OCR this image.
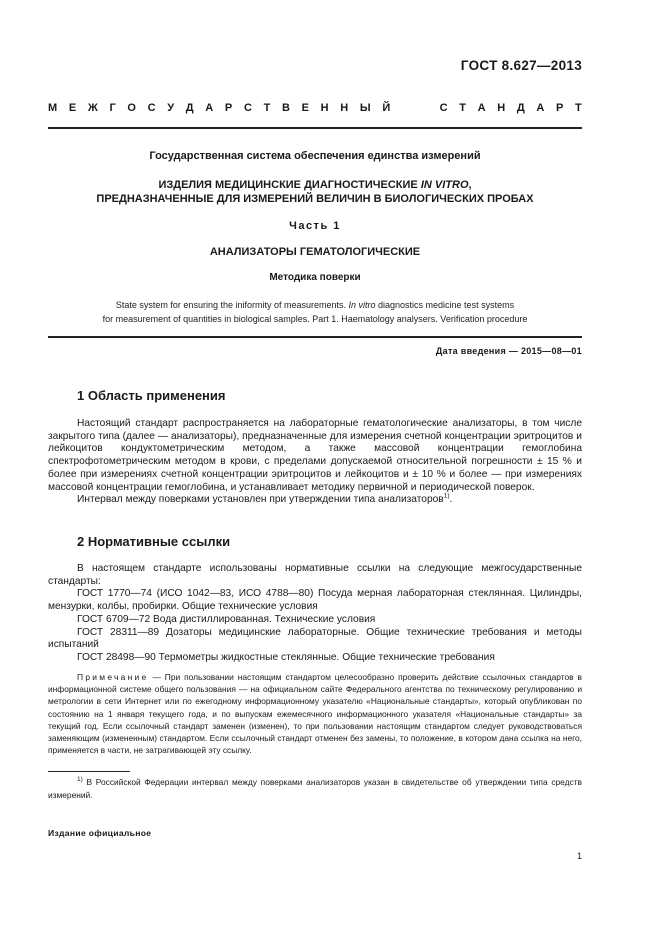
ГОСТ 8.627—2013
М Е Ж Г О С У Д А Р С Т В Е Н Н Ы Й	С Т А Н Д А Р Т
Государственная система обеспечения единства измерений
ИЗДЕЛИЯ МЕДИЦИНСКИЕ ДИАГНОСТИЧЕСКИЕ IN VITRO,
ПРЕДНАЗНАЧЕННЫЕ ДЛЯ ИЗМЕРЕНИЙ ВЕЛИЧИН В БИОЛОГИЧЕСКИХ ПРОБАХ
Часть 1
АНАЛИЗАТОРЫ ГЕМАТОЛОГИЧЕСКИЕ
Методика поверки
State system for ensuring the iniformity of measurements. In vitro diagnostics medicine test systems
for measurement of quantities in biological samples. Part 1. Haematology analysers. Verification procedure
Дата введения — 2015—08—01
1 Область применения

Настоящий стандарт распространяется на лабораторные гематологические анализаторы, в том числе закрытого типа (далее — анализаторы), предназначенные для измерения счетной концентрации эритроцитов и лейкоцитов кондуктометрическим методом, а также массовой концентрации гемоглобина спектрофотометрическим методом в крови, с пределами допускаемой относительной погрешности ± 15 % и более при измерениях счетной концентрации эритроцитов и лейкоцитов и ± 10 % и более — при измерениях массовой концентрации гемоглобина, и устанавливает методику первичной и периодической поверок.

Интервал между поверками установлен при утверждении типа анализаторов$^{1)}$.

2 Нормативные ссылки

В настоящем стандарте использованы нормативные ссылки на следующие межгосударственные стандарты:

ГОСТ 1770—74 (ИСО 1042—83, ИСО 4788—80) Посуда мерная лабораторная стеклянная. Цилиндры, мензурки, колбы, пробирки. Общие технические условия

ГОСТ 6709—72 Вода дистиллированная. Технические условия

ГОСТ 28311—89 Дозаторы медицинские лабораторные. Общие технические требования и методы испытаний

ГОСТ 28498—90 Термометры жидкостные стеклянные. Общие технические требования

Примечание — При пользовании настоящим стандартом целесообразно проверить действие ссылочных стандартов в информационной системе общего пользования — на официальном сайте Федерального агентства по техническому регулированию и метрологии в сети Интернет или по ежегодному информационному указателю «Национальные стандарты», который опубликован по состоянию на 1 января текущего года, и по выпускам ежемесячного информационного указателя «Национальные стандарты» за текущий год. Если ссылочный стандарт заменен (изменен), то при пользовании настоящим стандартом следует руководствоваться заменяющим (измененным) стандартом. Если ссылочный стандарт отменен без замены, то положение, в котором дана ссылка на него, применяется в части, не затрагивающей эту ссылку.

$^{1)}$ В Российской Федерации интервал между поверками анализаторов указан в свидетельстве об утверждении типа средств измерений.

Издание официальное
1
